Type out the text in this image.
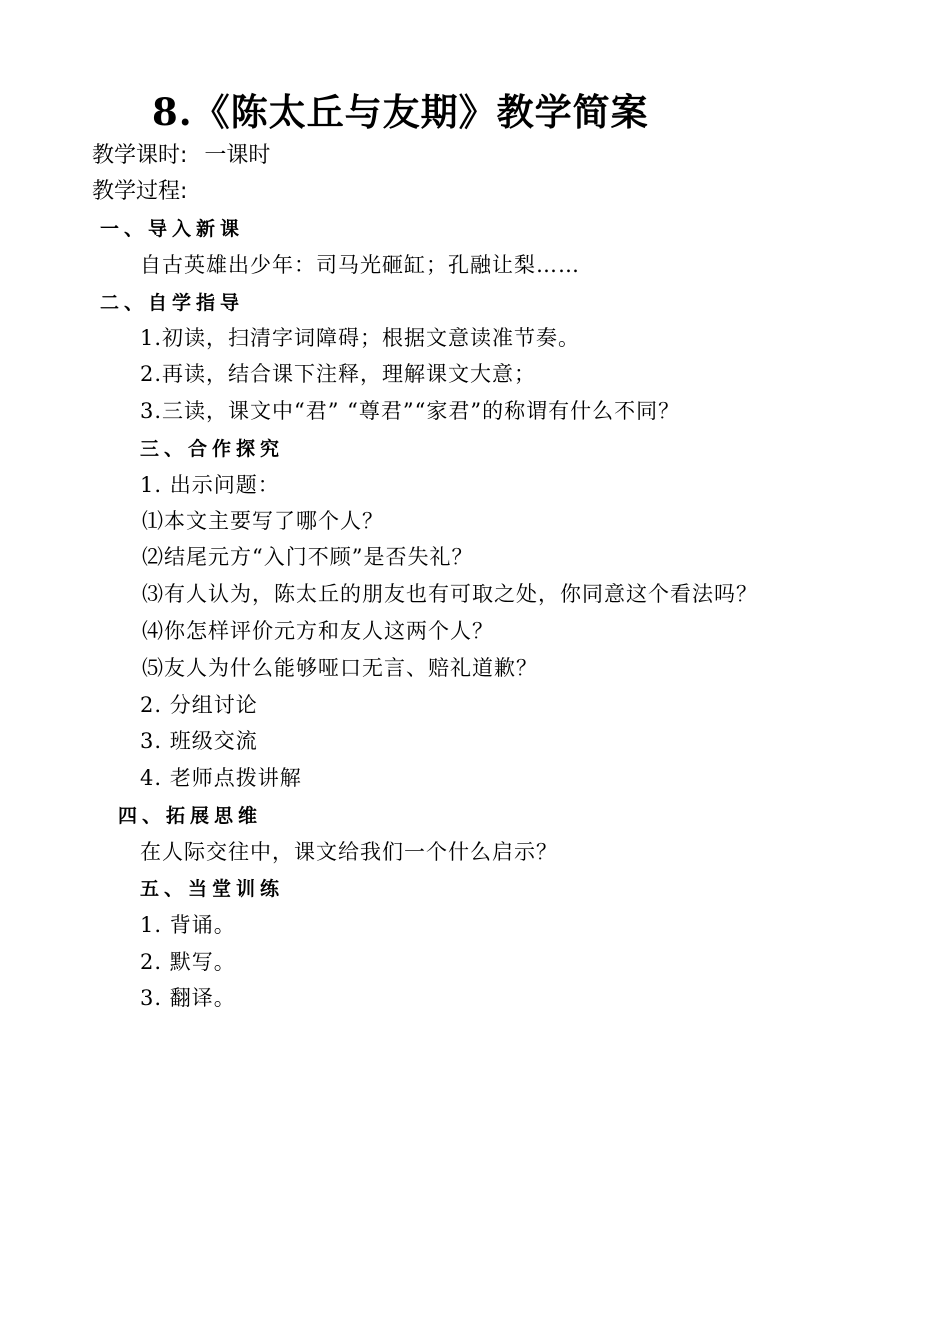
8.《陈太丘与友期》教学简案
教学课时: 一课时
教学过程:
一、导入新课
自古英雄出少年：司马光砸缸；孔融让梨……
二、自学指导
1.初读，扫清字词障碍；根据文意读准节奏。
2.再读，结合课下注释，理解课文大意；
3.三读，课文中“君” “尊君”“家君”的称谓有什么不同？
三、合作探究
1. 出示问题：
⑴本文主要写了哪个人？
⑵结尾元方“入门不顾”是否失礼？
⑶有人认为，陈太丘的朋友也有可取之处，你同意这个看法吗？
⑷你怎样评价元方和友人这两个人？
⑸友人为什么能够哑口无言、赔礼道歉？
2. 分组讨论
3. 班级交流
4. 老师点拨讲解
四、拓展思维
在人际交往中，课文给我们一个什么启示？
五、当堂训练
1. 背诵。
2. 默写。
3. 翻译。
